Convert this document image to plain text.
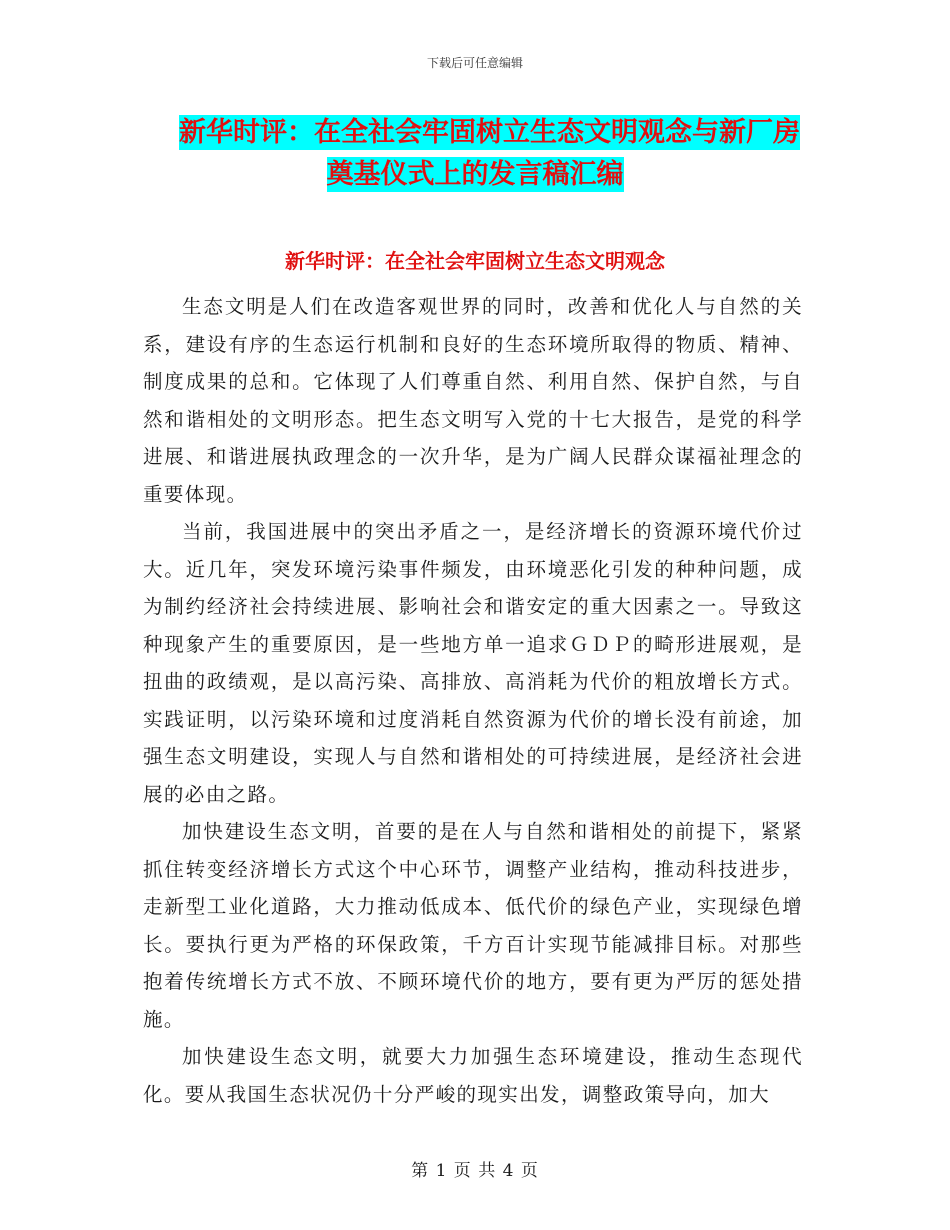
下载后可任意编辑
新华时评：在全社会牢固树立生态文明观念与新厂房
奠基仪式上的发言稿汇编
新华时评：在全社会牢固树立生态文明观念

生态文明是人们在改造客观世界的同时，改善和优化人与自然的关系，建设有序的生态运行机制和良好的生态环境所取得的物质、精神、制度成果的总和。它体现了人们尊重自然、利用自然、保护自然，与自然和谐相处的文明形态。把生态文明写入党的十七大报告，是党的科学进展、和谐进展执政理念的一次升华，是为广阔人民群众谋福祉理念的重要体现。

当前，我国进展中的突出矛盾之一，是经济增长的资源环境代价过大。近几年，突发环境污染事件频发，由环境恶化引发的种种问题，成为制约经济社会持续进展、影响社会和谐安定的重大因素之一。导致这种现象产生的重要原因，是一些地方单一追求ＧＤＰ的畸形进展观，是扭曲的政绩观，是以高污染、高排放、高消耗为代价的粗放增长方式。实践证明，以污染环境和过度消耗自然资源为代价的增长没有前途，加强生态文明建设，实现人与自然和谐相处的可持续进展，是经济社会进展的必由之路。

加快建设生态文明，首要的是在人与自然和谐相处的前提下，紧紧抓住转变经济增长方式这个中心环节，调整产业结构，推动科技进步，走新型工业化道路，大力推动低成本、低代价的绿色产业，实现绿色增长。要执行更为严格的环保政策，千方百计实现节能减排目标。对那些抱着传统增长方式不放、不顾环境代价的地方，要有更为严厉的惩处措施。

加快建设生态文明，就要大力加强生态环境建设，推动生态现代化。要从我国生态状况仍十分严峻的现实出发，调整政策导向，加大

第 1 页 共 4 页
